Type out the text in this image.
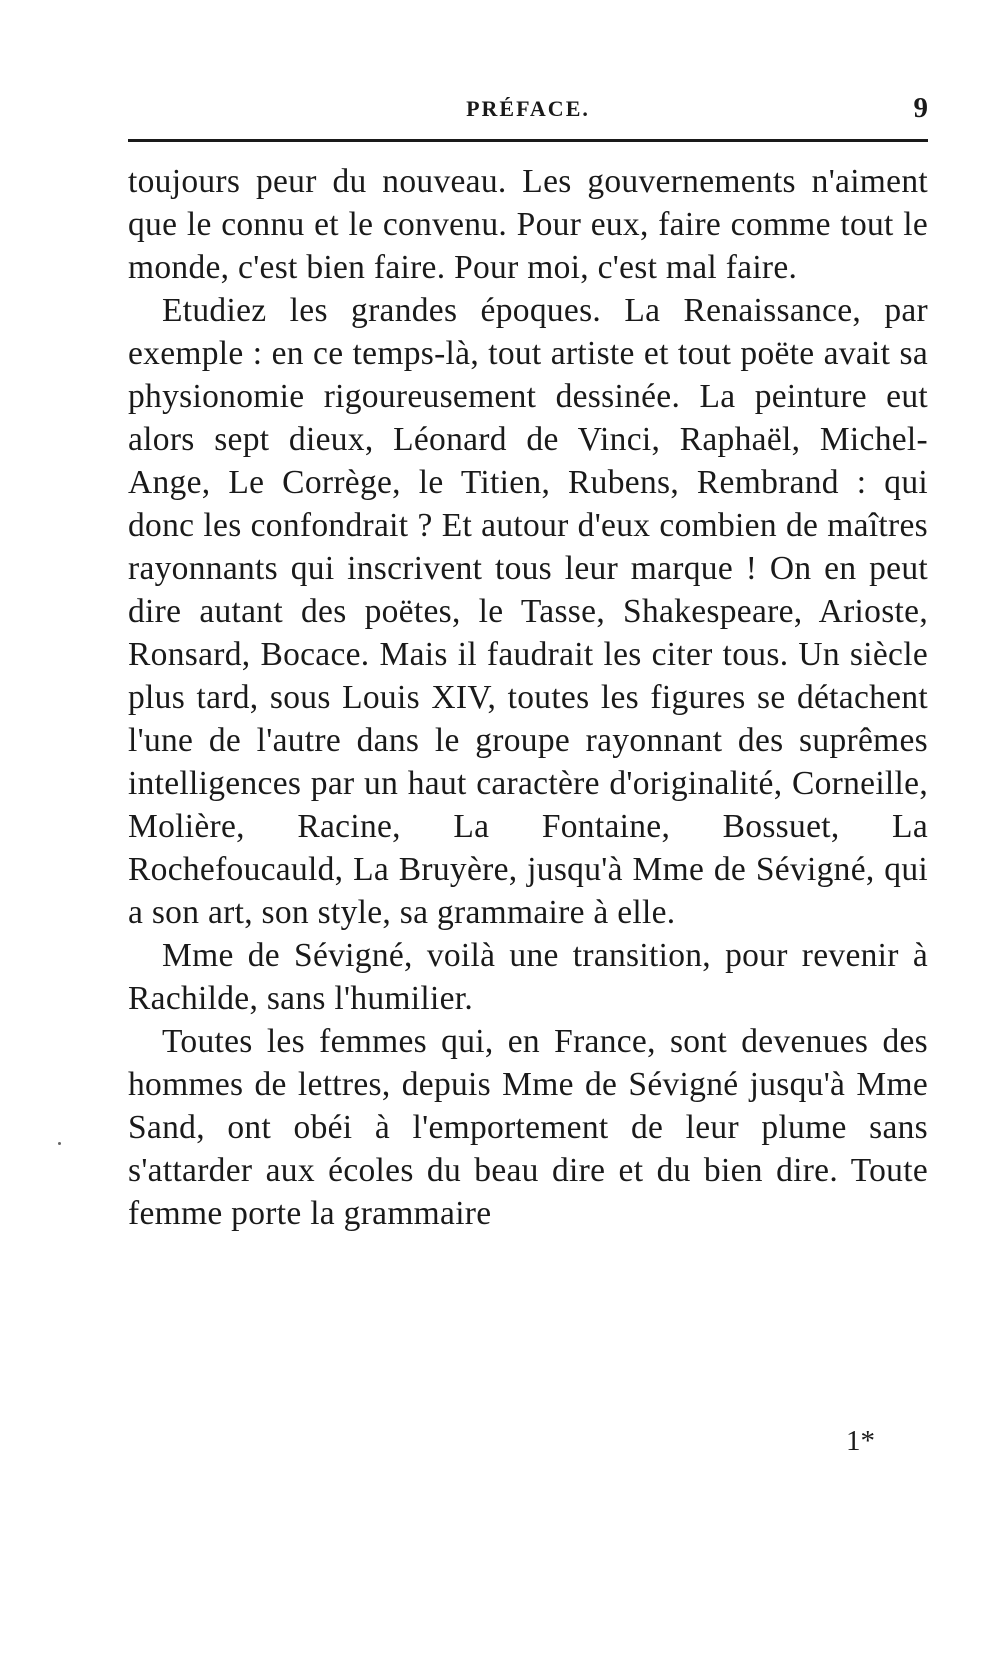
PRÉFACE.	9

toujours peur du nouveau. Les gouvernements n'aiment que le connu et le convenu. Pour eux, faire comme tout le monde, c'est bien faire. Pour moi, c'est mal faire.

Etudiez les grandes époques. La Renaissance, par exemple : en ce temps-là, tout artiste et tout poëte avait sa physionomie rigoureusement dessinée. La peinture eut alors sept dieux, Léonard de Vinci, Raphaël, Michel-Ange, Le Corrège, le Titien, Rubens, Rembrand : qui donc les confondrait ? Et autour d'eux combien de maîtres rayonnants qui inscrivent tous leur marque ! On en peut dire autant des poëtes, le Tasse, Shakespeare, Arioste, Ronsard, Bocace. Mais il faudrait les citer tous. Un siècle plus tard, sous Louis XIV, toutes les figures se détachent l'une de l'autre dans le groupe rayonnant des suprêmes intelligences par un haut caractère d'originalité, Corneille, Molière, Racine, La Fontaine, Bossuet, La Rochefoucauld, La Bruyère, jusqu'à Mme de Sévigné, qui a son art, son style, sa grammaire à elle.

Mme de Sévigné, voilà une transition, pour revenir à Rachilde, sans l'humilier.

Toutes les femmes qui, en France, sont devenues des hommes de lettres, depuis Mme de Sévigné jusqu'à Mme Sand, ont obéi à l'emportement de leur plume sans s'attarder aux écoles du beau dire et du bien dire. Toute femme porte la grammaire

1*
